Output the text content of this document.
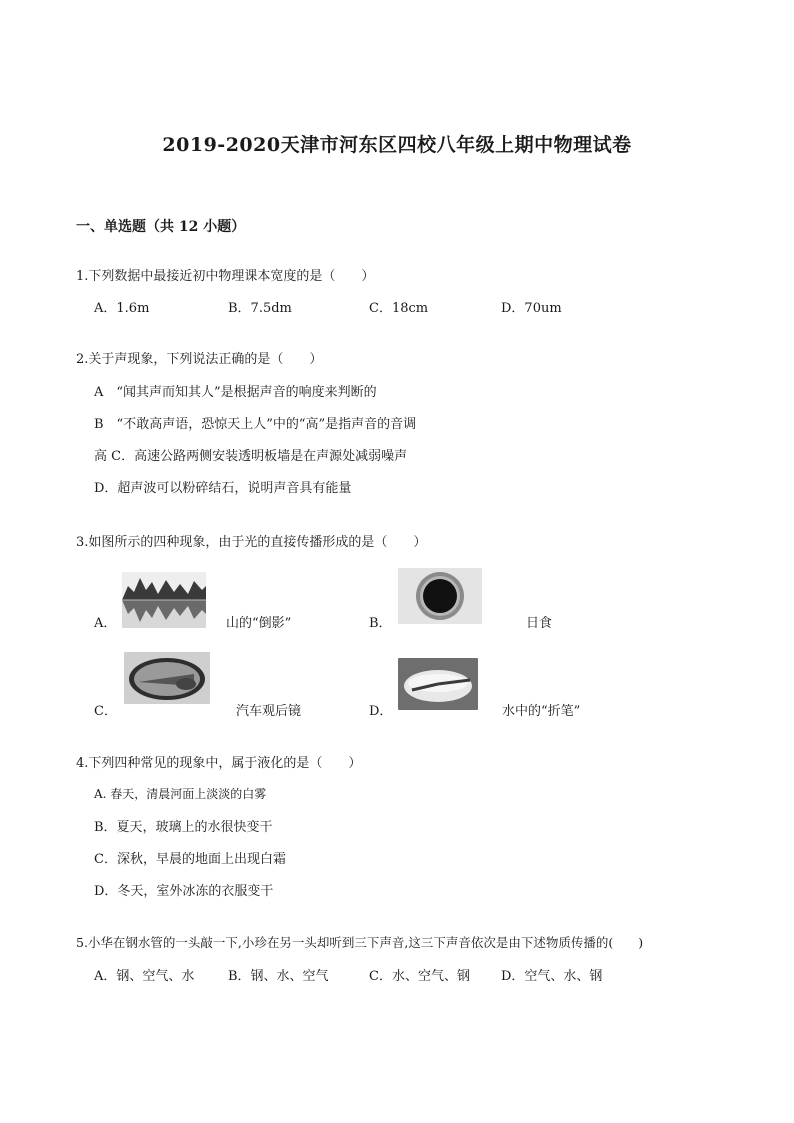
2019-2020天津市河东区四校八年级上期中物理试卷
一、单选题（共 12 小题）
1.下列数据中最接近初中物理课本宽度的是（　　）
A．1.6m	B．7.5dm	C．18cm	D．70um
2.关于声现象，下列说法正确的是（　　）
A　“闻其声而知其人”是根据声音的响度来判断的
B　“不敢高声语，恐惊天上人”中的“高”是指声音的音调
高 C．高速公路两侧安装透明板墙是在声源处减弱噪声
D．超声波可以粉碎结石，说明声音具有能量
3.如图所示的四种现象，由于光的直接传播形成的是（　　）
A．	山的“倒影”	B．	日食
C．	汽车观后镜	D．	水中的“折笔”
4.下列四种常见的现象中，属于液化的是（　　）
A. 春天，清晨河面上淡淡的白雾
B．夏天，玻璃上的水很快变干
C．深秋，早晨的地面上出现白霜
D．冬天，室外冰冻的衣服变干
5.小华在钢水管的一头敲一下,小珍在另一头却听到三下声音,这三下声音依次是由下述物质传播的(　　)
A．钢、空气、水	B．钢、水、空气	C．水、空气、钢 D．空气、水、钢
